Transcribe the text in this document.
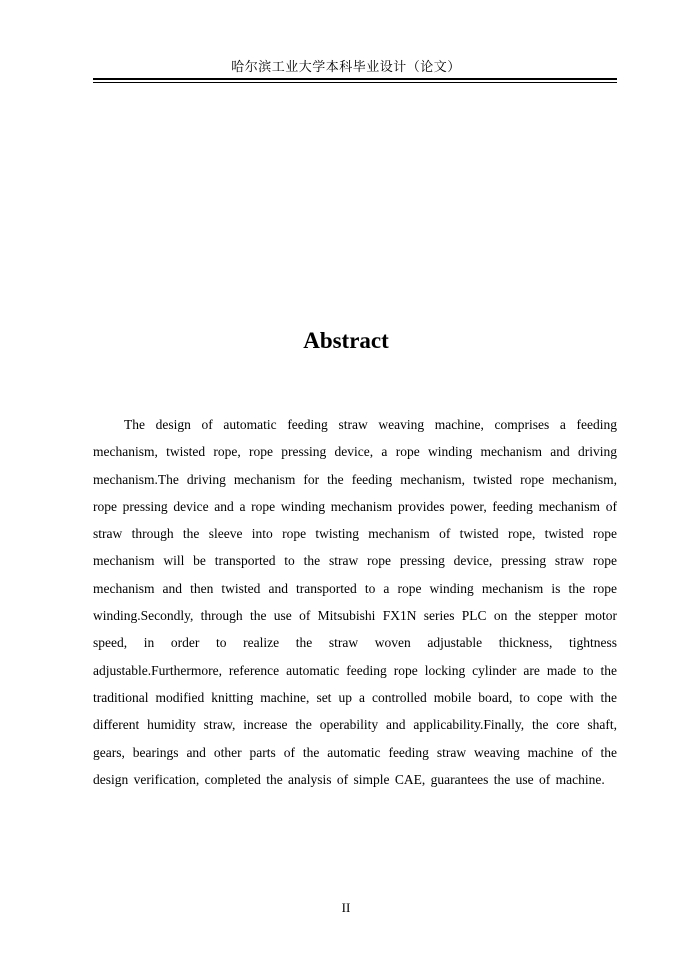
哈尔滨工业大学本科毕业设计（论文）
Abstract

The design of automatic feeding straw weaving machine, comprises a feeding mechanism, twisted rope, rope pressing device, a rope winding mechanism and driving mechanism.The driving mechanism for the feeding mechanism, twisted rope mechanism, rope pressing device and a rope winding mechanism provides power, feeding mechanism of straw through the sleeve into rope twisting mechanism of twisted rope, twisted rope mechanism will be transported to the straw rope pressing device, pressing straw rope mechanism and then twisted and transported to a rope winding mechanism is the rope winding.Secondly, through the use of Mitsubishi FX1N series PLC on the stepper motor speed, in order to realize the straw woven adjustable thickness, tightness adjustable.Furthermore, reference automatic feeding rope locking cylinder are made to the traditional modified knitting machine, set up a controlled mobile board, to cope with the different humidity straw, increase the operability and applicability.Finally, the core shaft, gears, bearings and other parts of the automatic feeding straw weaving machine of the design verification, completed the analysis of simple CAE, guarantees the use of machine.

II
